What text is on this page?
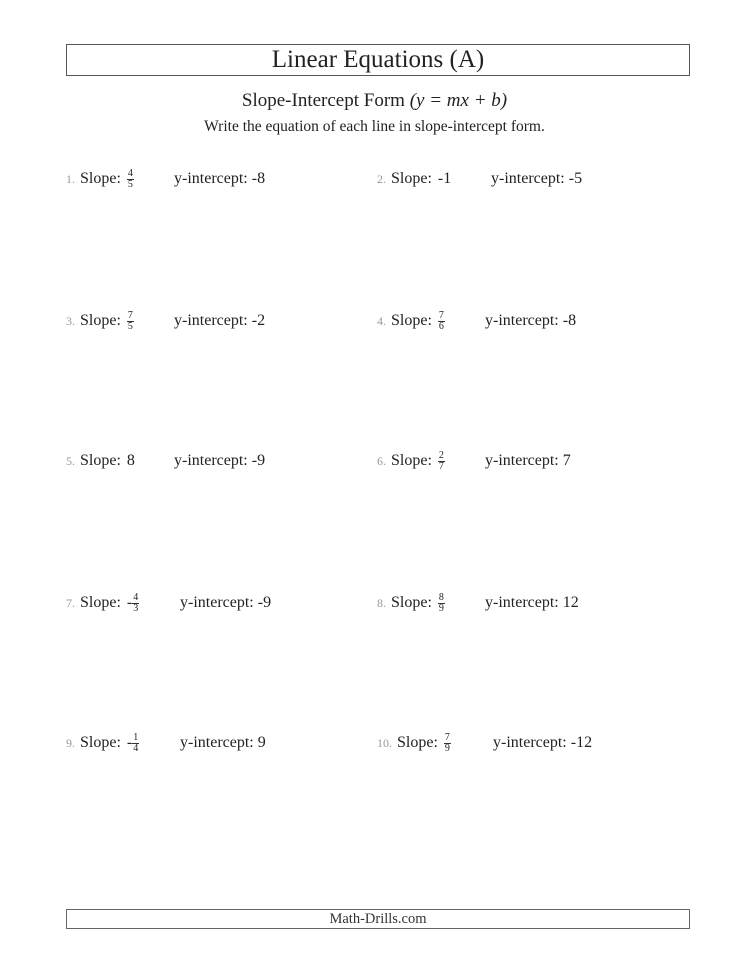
Linear Equations (A)
Slope-Intercept Form (y = mx + b)
Write the equation of each line in slope-intercept form.
1. Slope: $\frac{4}{5}$	y-intercept: -8	2. Slope: -1 y-intercept: -5
3. Slope: $\frac{7}{5}$	y-intercept: -2	4. Slope: $\frac{7}{6}$	y-intercept: -8
5. Slope: 8 y-intercept: -9	6. Slope: $\frac{2}{7}$	y-intercept: 7
7. Slope: - $\frac{4}{3}$	y-intercept: -9	8. Slope: $\frac{8}{9}$	y-intercept: 12
9. Slope: - $\frac{1}{4}$	y-intercept: 9	10. Slope: $\frac{7}{9}$	y-intercept: -12
Math-Drills.com
